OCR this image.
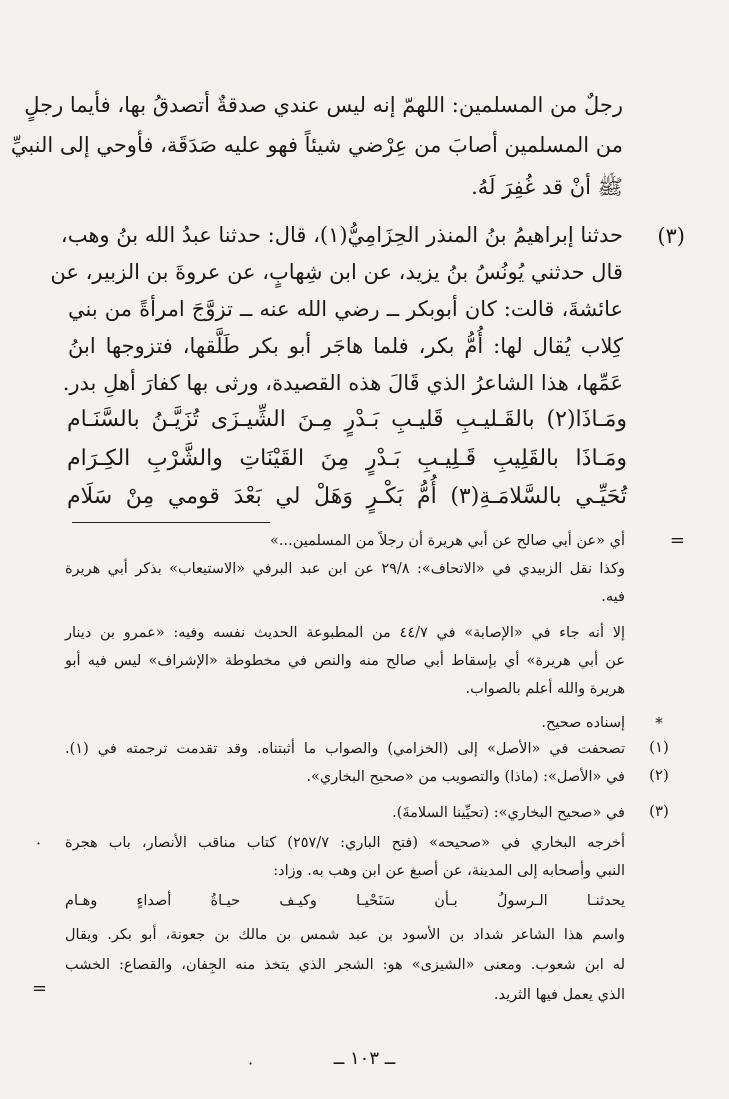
رجلٌ من المسلمين: اللهمّ إنه ليس عندي صدقةٌ أتصدقُ بها، فأيما رجلٍ
من المسلمين أصابَ من عِرْضي شيئاً فهو عليه صَدَقَة، فأوحي إلى النبيِّ
ﷺ أنْ قد غُفِرَ لَهُ.
(٣)
حدثنا إبراهيمُ بنُ المنذر الحِزَامِيُّ(١)، قال: حدثنا عبدُ الله بنُ وهب،
قال حدثني يُونُسُ بنُ يزيد، عن ابن شِهابٍ، عن عروةَ بن الزبير، عن
عائشةَ، قالت: كان أبوبكر ــ رضي الله عنه ــ تزوَّجَ امرأةً من بني
كِلاب يُقال لها: أُمُّ بكر، فلما هاجَر أبو بكر طَلَّقها، فتزوجها ابنُ
عَمِّها، هذا الشاعرُ الذي قَالَ هذه القصيدة، ورثى بها كفارَ أهلِ بدر.
ومَـاذَا(٢) بالقَـليـبِ قَليـبِ بَـدْرٍ مِـنَ الشِّيـزَى تُزَيَّـنُ بالسَّنَـام
ومَـاذَا بالقَلِيبِ قَـلِيـبِ بَـدْرٍ مِنَ القَيْنَاتِ والشَّرْبِ الكِـرَام
تُحَيِّـي بالسَّلامَـةِ(٣) أُمُّ بَكْـرٍ وَهَلْ لي بَعْدَ قومي مِنْ سَلَام
=
أي «عن أبي صالح عن أبي هريرة أن رجلاً من المسلمين...»
وكذا نقل الزبيدي في «الاتحاف»: ٢٩/٨ عن ابن عبد البرفي «الاستيعاب» بذكر أبي هريرة
فيه.
إلا أنه جاء في «الإصابة» في ٤٤/٧ من المطبوعة الحديث نفسه وفيه: «عمرو بن دينار
عن أبي هريرة» أي بإسقاط أبي صالح منه والنص في مخطوطة «الإشراف» ليس فيه أبو
هريرة والله أعلم بالصواب.
*
إسناده صحيح.
(١)
تصحفت في «الأصل» إلى (الخزامي) والصواب ما أثبتناه. وقد تقدمت ترجمته في (١).
(٢)
في «الأصل»: (ماذا) والتصويب من «صحيح البخاري».
(٣)
في «صحيح البخاري»: (تحيِّينا السلامةَ).
أخرجه البخاري في «صحيحه» (فتح الباري: ٢٥٧/٧) كتاب مناقب الأنصار، باب هجرة
·
النبي وأصحابه إلى المدينة، عن أصبغ عن ابن وهب به. وزاد:
يحدثنـا الـرسولُ بـأن سَنَحْيـا وكيـف حيـاةُ أصداءٍ وهـام
واسم هذا الشاعر شداد بن الأسود بن عبد شمس بن مالك بن جعونة، أبو بكر. ويقال
له ابن شعوب. ومعنى «الشيزى» هو: الشجر الذي يتخذ منه الجِفان، والقصاع: الخشب
الذي يعمل فيها الثريد.
=
ــ ١٠٣ ــ
·
